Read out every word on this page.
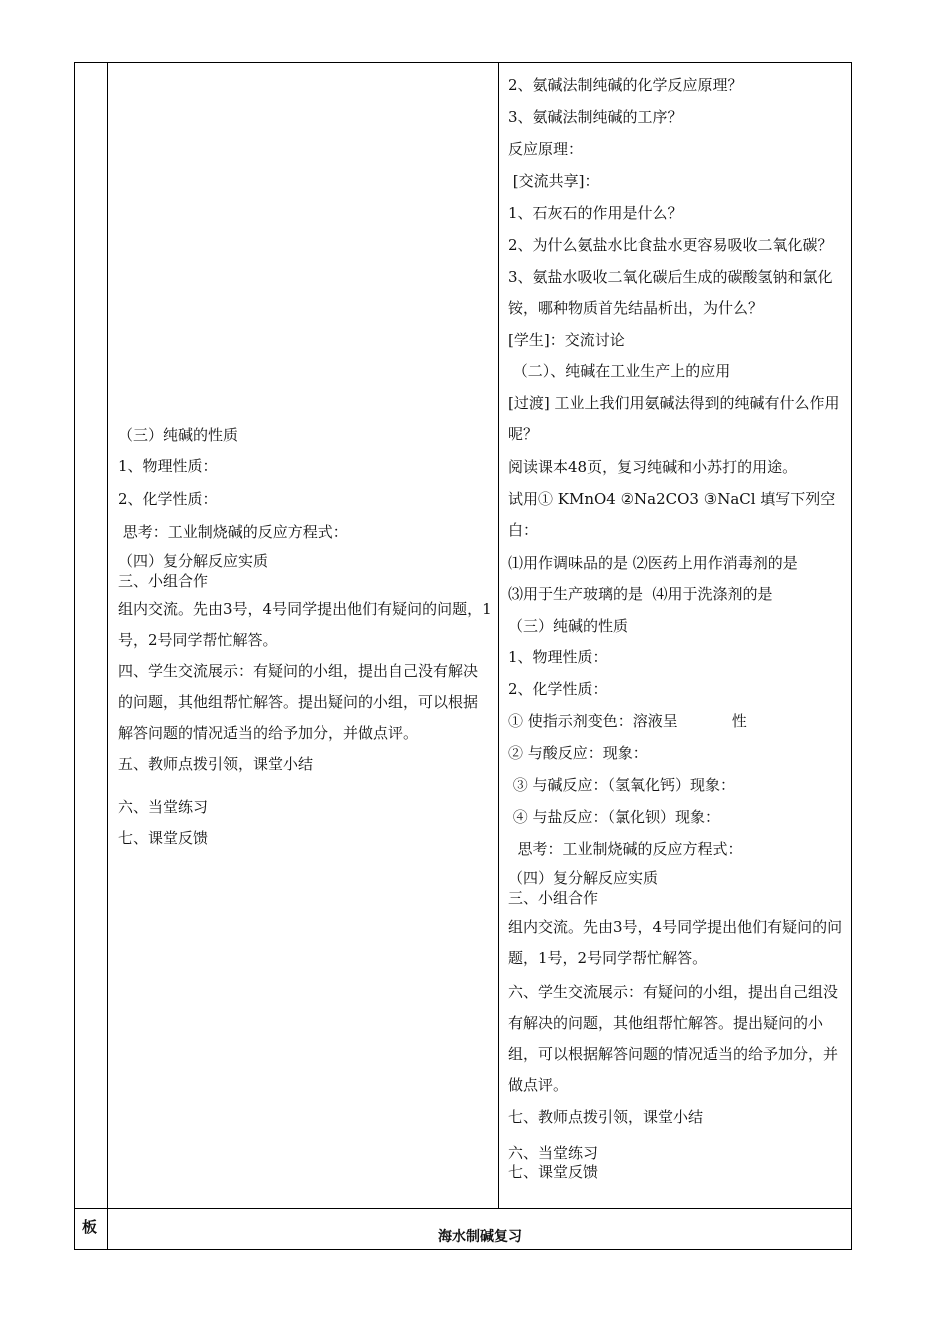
（三）纯碱的性质

1、物理性质：

2、化学性质：

思考：工业制烧碱的反应方程式：

（四）复分解反应实质

三、小组合作

组内交流。先由3号，4号同学提出他们有疑问的问题，1号，2号同学帮忙解答。

四、学生交流展示：有疑问的小组，提出自己没有解决的问题，其他组帮忙解答。提出疑问的小组，可以根据解答问题的情况适当的给予加分，并做点评。

五、教师点拨引领，课堂小结

六、当堂练习

七、课堂反馈

2、氨碱法制纯碱的化学反应原理？

3、氨碱法制纯碱的工序？

反应原理：

[交流共享]：

1、石灰石的作用是什么？

2、为什么氨盐水比食盐水更容易吸收二氧化碳？

3、氨盐水吸收二氧化碳后生成的碳酸氢钠和氯化铵，哪种物质首先结晶析出，为什么？

[学生]：交流讨论

（二）、纯碱在工业生产上的应用

[过渡] 工业上我们用氨碱法得到的纯碱有什么作用呢？

阅读课本48页，复习纯碱和小苏打的用途。

试用① KMnO4 ②Na2CO3 ③NaCl 填写下列空白：

⑴用作调味品的是 ⑵医药上用作消毒剂的是

⑶用于生产玻璃的是  ⑷用于洗涤剂的是

（三）纯碱的性质

1、物理性质：

2、化学性质：

① 使指示剂变色：溶液呈	性

② 与酸反应：现象：

③ 与碱反应：（氢氧化钙）现象：

④ 与盐反应：（氯化钡）现象：

思考：工业制烧碱的反应方程式：

（四）复分解反应实质

三、小组合作

组内交流。先由3号，4号同学提出他们有疑问的问题，1号，2号同学帮忙解答。

六、学生交流展示：有疑问的小组，提出自己组没有解决的问题，其他组帮忙解答。提出疑问的小组，可以根据解答问题的情况适当的给予加分，并做点评。

七、教师点拨引领，课堂小结

六、当堂练习

七、课堂反馈

板
海水制碱复习
